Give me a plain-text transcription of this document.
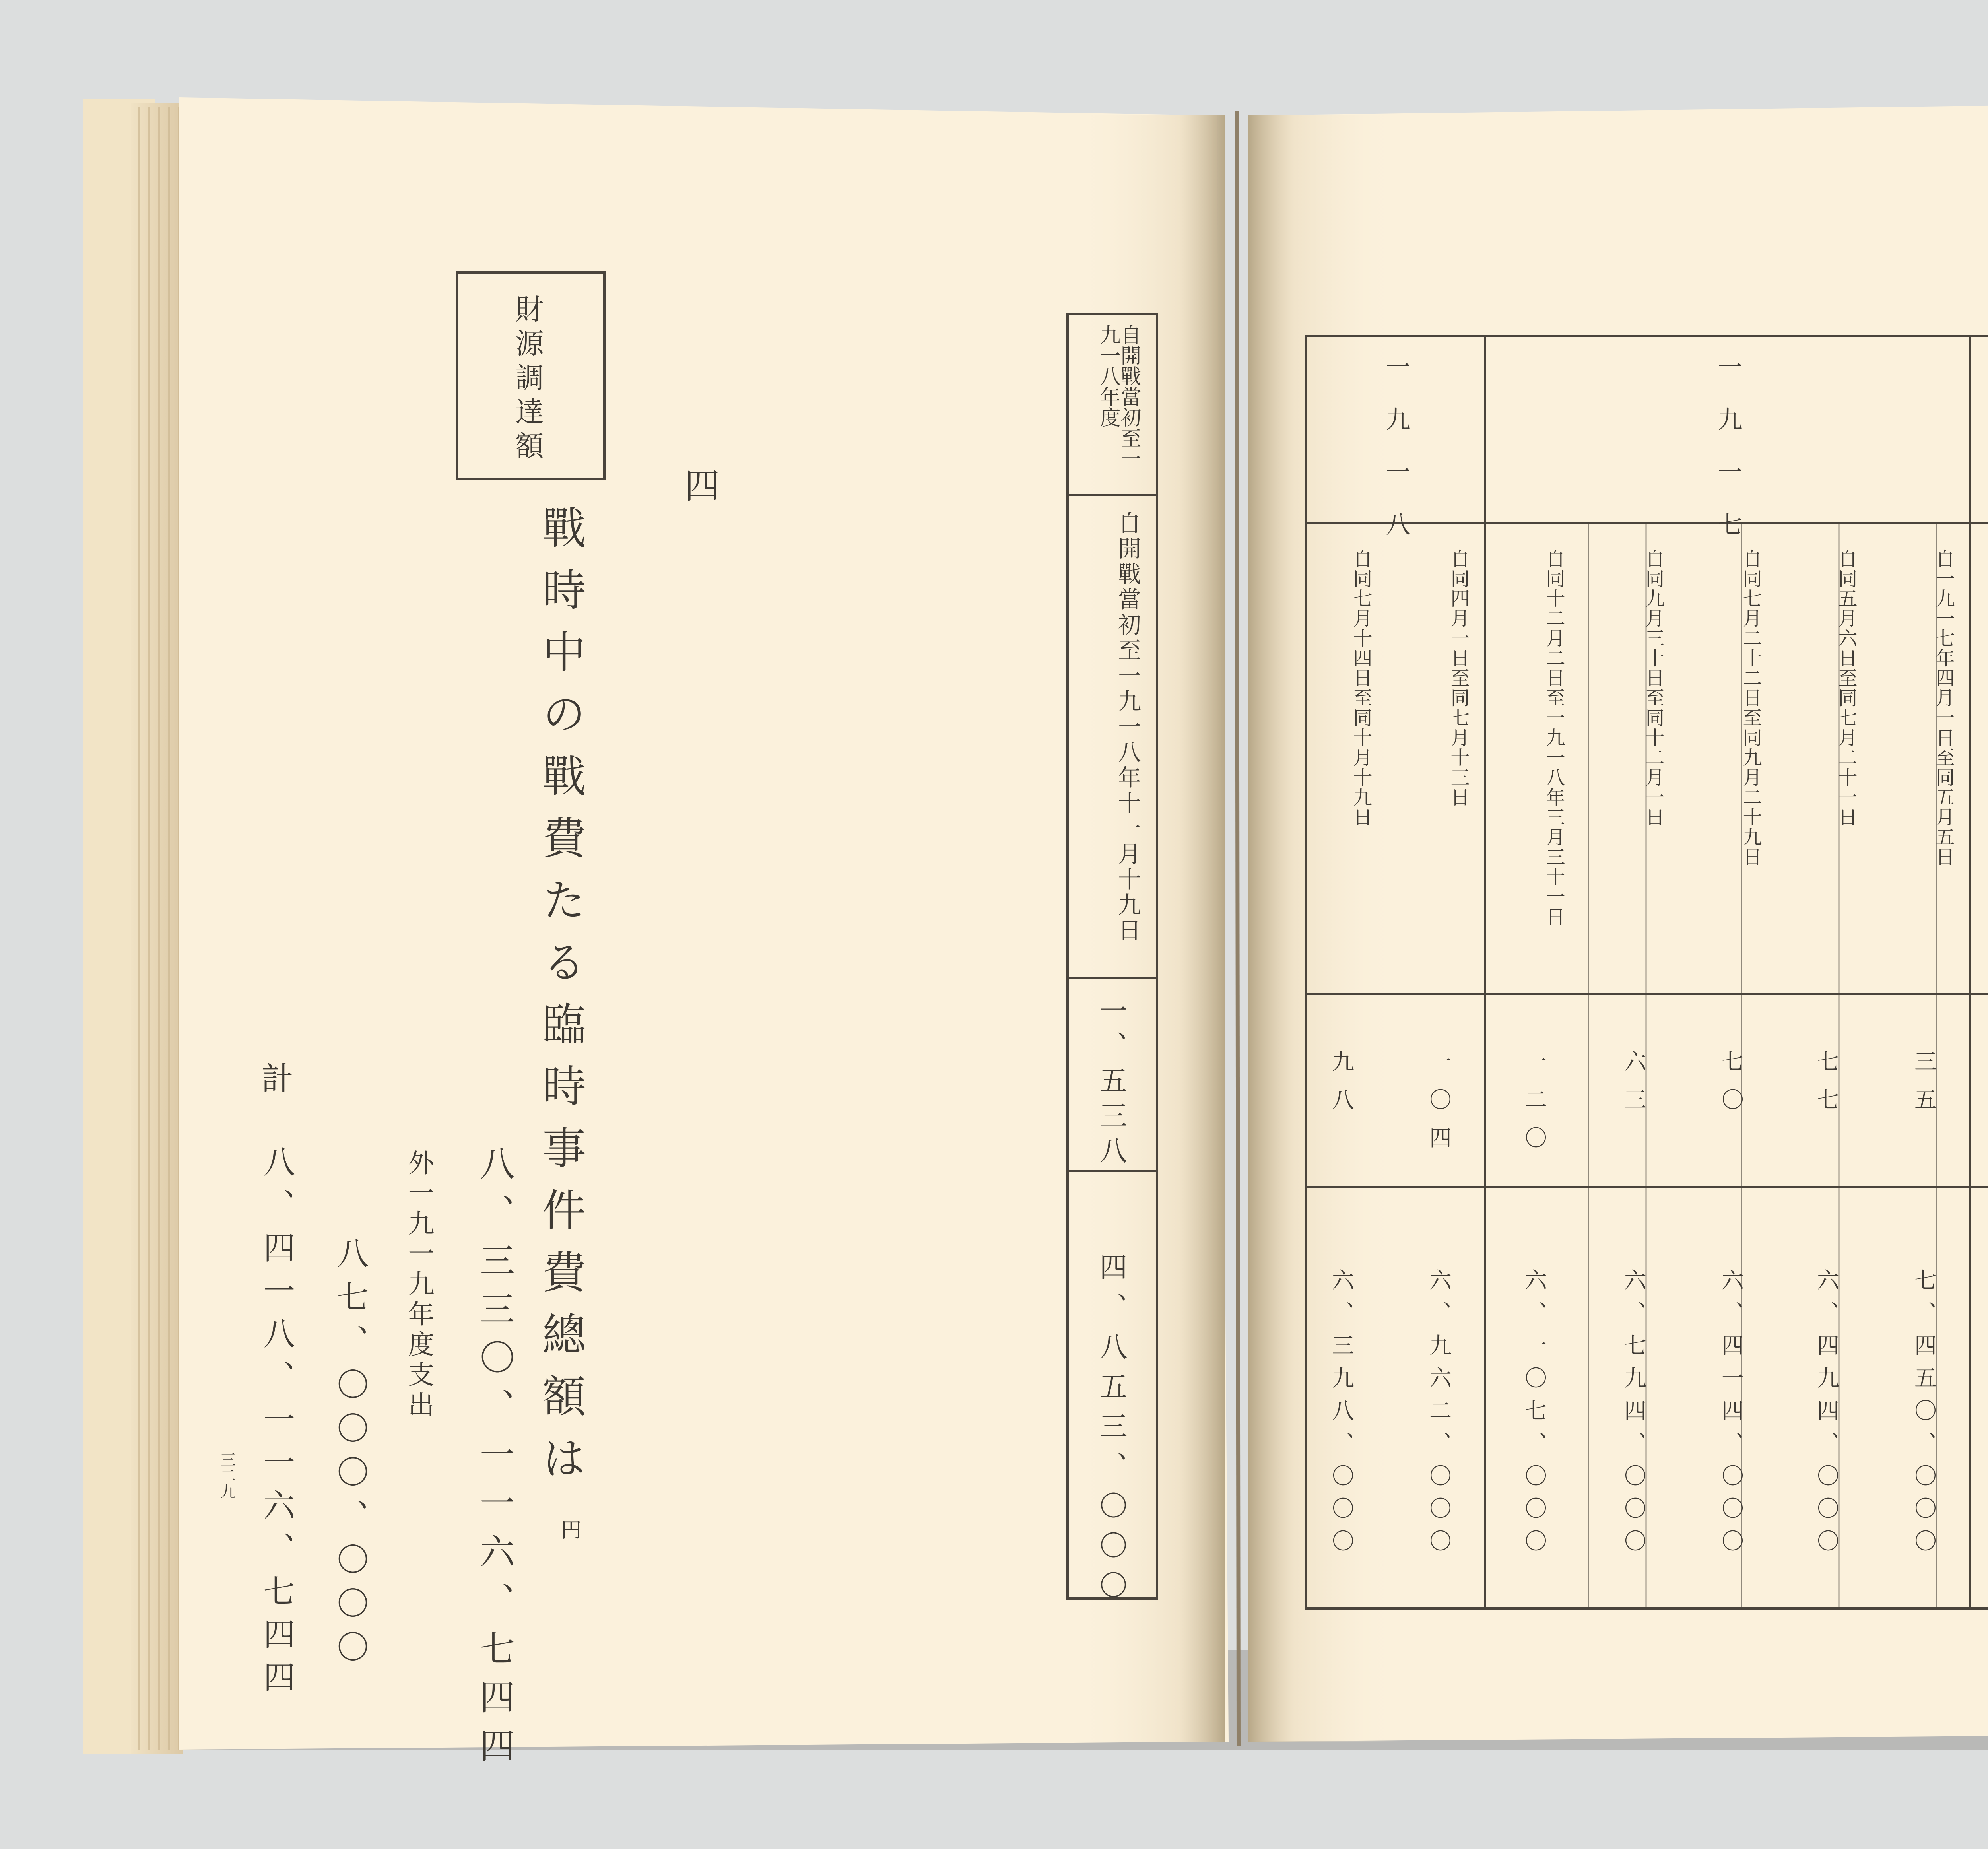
財源調達額
四
戰時中の戰費たる臨時事件費總額は
八、三三〇、一一六、七四四 円
外一九一九年度支出
八七、〇〇〇、〇〇〇
計
八、四一八、一一六、七四四
三二九
自開戰當初至一九一八年度
自開戰當初至一九一八年十一月十九日
一、五三八
四、八五三、〇〇〇
一九一七
一九一八
自一九一七年四月一日至同五月五日
三五
七、四五〇、〇〇〇
自同五月六日至同七月二十一日
七七
六、四九四、〇〇〇
自同七月二十二日至同九月二十九日
七〇
六、四一四、〇〇〇
自同九月三十日至同十二月一日
六三
六、七九四、〇〇〇
自同十二月二日至一九一八年三月三十一日
一二〇
六、一〇七、〇〇〇
自同四月一日至同七月十三日
一〇四
六、九六二、〇〇〇
自同七月十四日至同十月十九日
九八
六、三九八、〇〇〇
